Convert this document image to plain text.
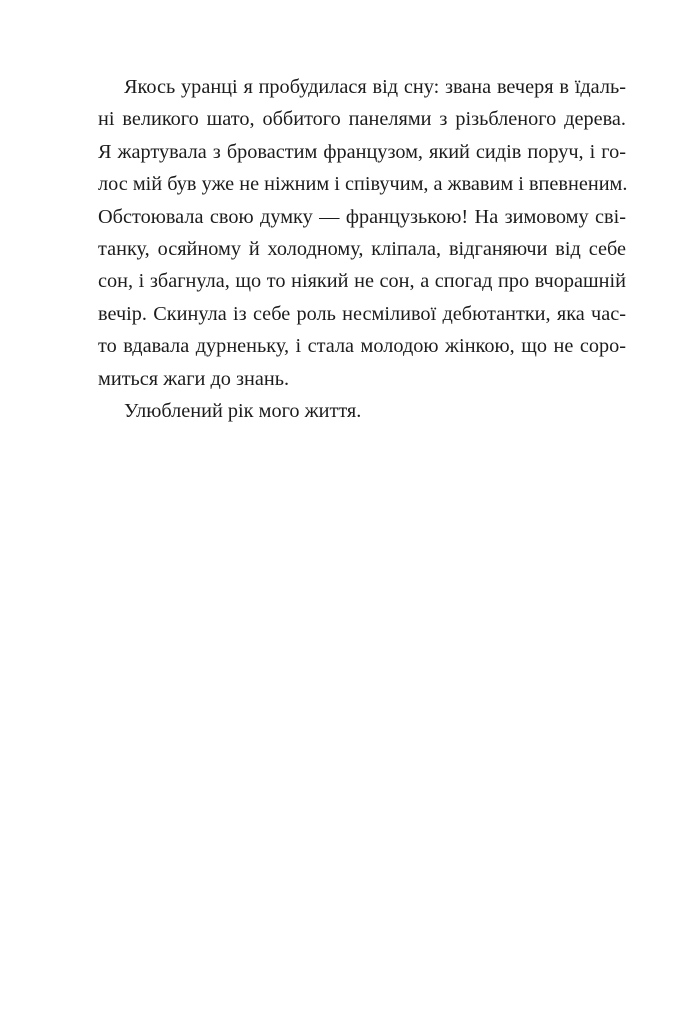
Якось уранці я пробудилася від сну: звана вечеря в їдаль-
ні великого шато, оббитого панелями з різьбленого дерева.
Я жартувала з бровастим французом, який сидів поруч, і го-
лос мій був уже не ніжним і співучим, а жвавим і впевненим.
Обстоювала свою думку — французькою! На зимовому сві-
танку, осяйному й холодному, кліпала, відганяючи від себе
сон, і збагнула, що то ніякий не сон, а спогад про вчорашній
вечір. Скинула із себе роль несміливої дебютантки, яка час-
то вдавала дурненьку, і стала молодою жінкою, що не соро-
миться жаги до знань.
Улюблений рік мого життя.
